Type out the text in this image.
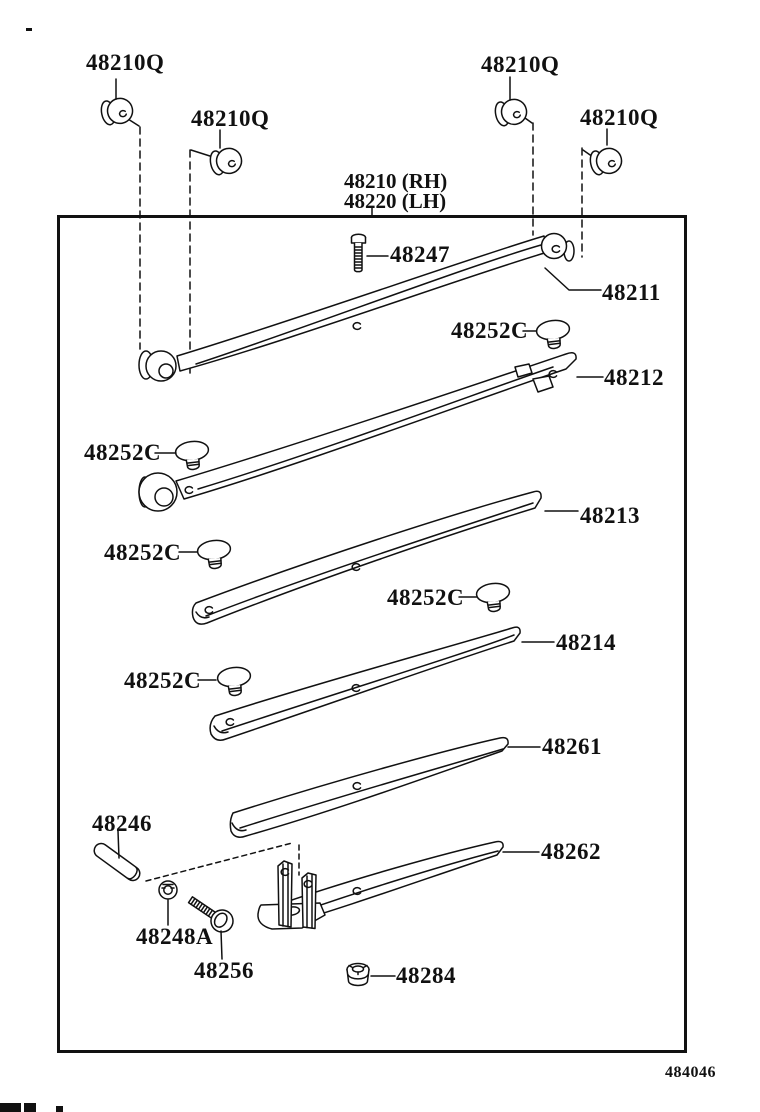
48210Q
48210Q
48210Q
48210Q
48210 (RH)
48220 (LH)
48247
48211
48252C
48212
48252C
48213
48252C
48252C
48214
48252C
48261
48262
48246
48248A
48256	48284
484046
